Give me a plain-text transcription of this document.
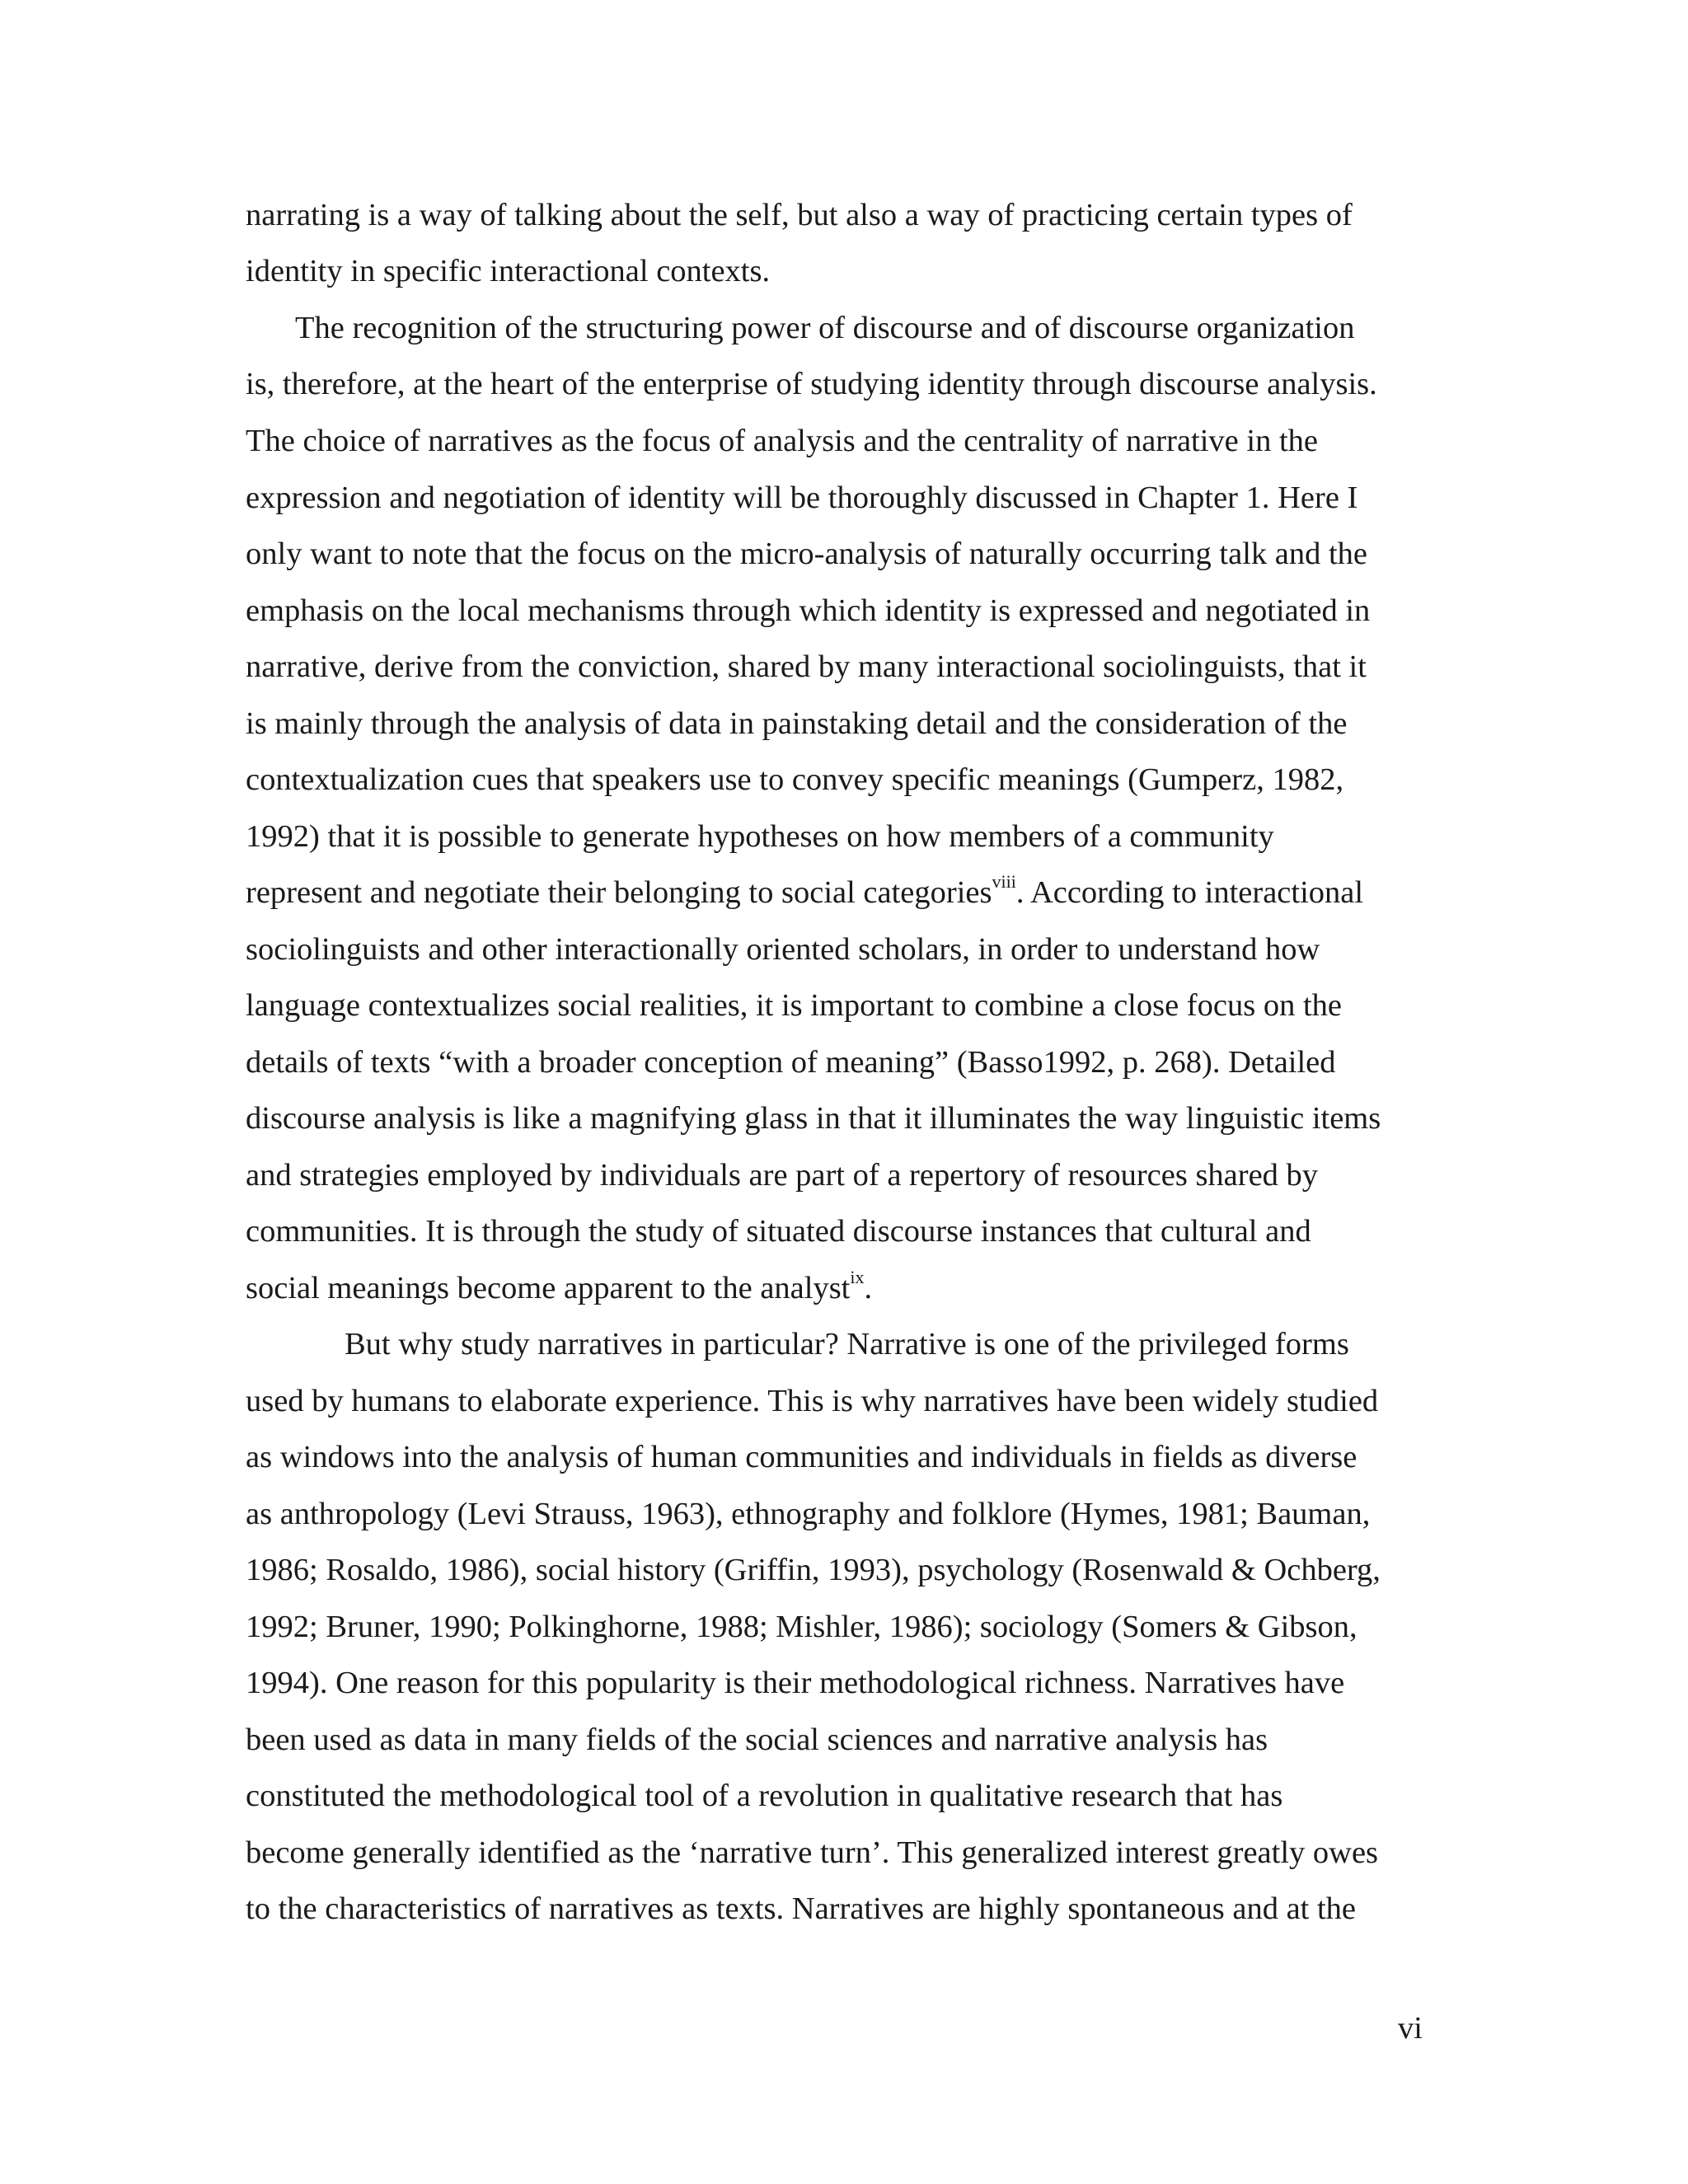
narrating is a way of talking about the self, but also a way of practicing certain types of

identity in specific interactional contexts.

The recognition of the structuring power of discourse and of discourse organization

is, therefore, at the heart of the enterprise of studying identity through discourse analysis.

The choice of narratives as the focus of analysis and the centrality of narrative in the

expression and negotiation of identity will be thoroughly discussed in Chapter 1. Here I

only want to note that the focus on the micro-analysis of naturally occurring talk and the

emphasis on the local mechanisms through which identity is expressed and negotiated in

narrative, derive from the conviction, shared by many interactional sociolinguists, that it

is mainly through the analysis of data in painstaking detail and the consideration of the

contextualization cues that speakers use to convey specific meanings (Gumperz, 1982,

1992) that it is possible to generate hypotheses on how members of a community

represent and negotiate their belonging to social categories$^{viii}$. According to interactional

sociolinguists and other interactionally oriented scholars, in order to understand how

language contextualizes social realities, it is important to combine a close focus on the

details of texts “with a broader conception of meaning” (Basso1992, p. 268). Detailed

discourse analysis is like a magnifying glass in that it illuminates the way linguistic items

and strategies employed by individuals are part of a repertory of resources shared by

communities. It is through the study of situated discourse instances that cultural and

social meanings become apparent to the analyst$^{ix}$.

But why study narratives in particular? Narrative is one of the privileged forms

used by humans to elaborate experience. This is why narratives have been widely studied

as windows into the analysis of human communities and individuals in fields as diverse

as anthropology (Levi Strauss, 1963), ethnography and folklore (Hymes, 1981; Bauman,

1986; Rosaldo, 1986), social history (Griffin, 1993), psychology (Rosenwald & Ochberg,

1992; Bruner, 1990; Polkinghorne, 1988; Mishler, 1986); sociology (Somers & Gibson,

1994). One reason for this popularity is their methodological richness. Narratives have

been used as data in many fields of the social sciences and narrative analysis has

constituted the methodological tool of a revolution in qualitative research that has

become generally identified as the ‘narrative turn’. This generalized interest greatly owes

to the characteristics of narratives as texts. Narratives are highly spontaneous and at the

vi
